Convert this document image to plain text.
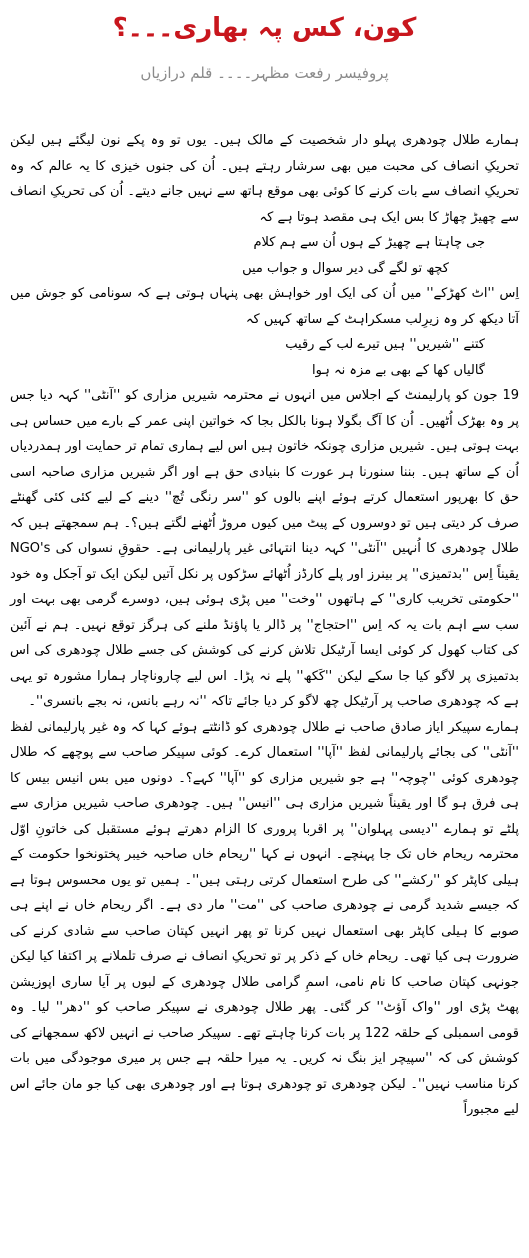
کون، کس پہ بھاری۔۔۔؟
پروفیسر رفعت مظہر۔۔۔۔ قلم درازیاں

ہمارے طلال چودھری پہلو دار شخصیت کے مالک ہیں۔ یوں تو وہ پکے نون لیگئے ہیں لیکن تحریکِ انصاف کی محبت میں بھی سرشار رہتے ہیں۔ اُن کی جنوں خیزی کا یہ عالم کہ وہ تحریکِ انصاف سے بات کرنے کا کوئی بھی موقع ہاتھ سے نہیں جانے دیتے۔ اُن کی تحریکِ انصاف سے چھیڑ چھاڑ کا بس ایک ہی مقصد ہوتا ہے کہ

جی چاہتا ہے چھیڑ کے ہوں اُن سے ہم کلام

کچھ تو لگے گی دیر سوال و جواب میں

اِس ''اٹ کھڑکے'' میں اُن کی ایک اور خواہش بھی پنہاں ہوتی ہے کہ سونامی کو جوش میں آتا دیکھ کر وہ زیرِلب مسکراہٹ کے ساتھ کہیں کہ

کتنے ''شیریں'' ہیں تیرے لب کے رقیب

گالیاں کھا کے بھی بے مزہ نہ ہوا

19 جون کو پارلیمنٹ کے اجلاس میں انہوں نے محترمہ شیریں مزاری کو ''آنٹی'' کہہ دیا جس پر وہ بھڑک اُٹھیں۔ اُن کا آگ بگولا ہونا بالکل بجا کہ خواتین اپنی عمر کے بارے میں حساس ہی بہت ہوتی ہیں۔ شیریں مزاری چونکہ خاتون ہیں اس لیے ہماری تمام تر حمایت اور ہمدردیاں اُن کے ساتھ ہیں۔ بننا سنورنا ہر عورت کا بنیادی حق ہے اور اگر شیریں مزاری صاحبہ اسی حق کا بھرپور استعمال کرتے ہوئے اپنے بالوں کو ''سر رنگی تُچ'' دینے کے لیے کئی کئی گھنٹے صرف کر دیتی ہیں تو دوسروں کے پیٹ میں کیوں مروڑ اُٹھنے لگتے ہیں؟۔ ہم سمجھتے ہیں کہ طلال چودھری کا اُنہیں ''آنٹی'' کہہ دینا انتہائی غیر پارلیمانی ہے۔ حقوقِ نسواں کی NGO's یقیناً اِس ''بدتمیزی'' پر بینرز اور پلے کارڈز اُٹھائے سڑکوں پر نکل آتیں لیکن ایک تو آجکل وہ خود ''حکومتی تخریب کاری'' کے ہاتھوں ''وخت'' میں پڑی ہوئی ہیں، دوسرے گرمی بھی بہت اور سب سے اہم بات یہ کہ اِس ''احتجاج'' پر ڈالر یا پاؤنڈ ملنے کی ہرگز توقع نہیں۔ ہم نے آئین کی کتاب کھول کر کوئی ایسا آرٹیکل تلاش کرنے کی کوشش کی جسے طلال چودھری کی اس بدتمیزی پر لاگو کیا جا سکے لیکن ''کَکھ'' پلے نہ پڑا۔ اس لیے چاروناچار ہمارا مشورہ تو یہی ہے کہ چودھری صاحب پر آرٹیکل چھ لاگو کر دیا جائے تاکہ ''نہ رہے بانس، نہ بجے بانسری''۔

ہمارے سپیکر ایاز صادق صاحب نے طلال چودھری کو ڈانٹتے ہوئے کہا کہ وہ غیر پارلیمانی لفظ ''آنٹی'' کی بجائے پارلیمانی لفظ ''آپا'' استعمال کرے۔ کوئی سپیکر صاحب سے پوچھے کہ طلال چودھری کوئی ''چوچہ'' ہے جو شیریں مزاری کو ''آپا'' کہے؟۔ دونوں میں بس انیس بیس کا ہی فرق ہو گا اور یقیناً شیریں مزاری ہی ''انیس'' ہیں۔ چودھری صاحب شیریں مزاری سے پلٹے تو ہمارے ''دیسی پہلوان'' پر اقربا پروری کا الزام دھرتے ہوئے مستقبل کی خاتونِ اوّل محترمہ ریحام خاں تک جا پہنچے۔ انہوں نے کہا ''ریحام خاں صاحبہ خیبر پختونخوا حکومت کے ہیلی کاپٹر کو ''رکشے'' کی طرح استعمال کرتی رہتی ہیں''۔ ہمیں تو یوں محسوس ہوتا ہے کہ جیسے شدید گرمی نے چودھری صاحب کی ''مت'' مار دی ہے۔ اگر ریحام خاں نے اپنے ہی صوبے کا ہیلی کاپٹر بھی استعمال نہیں کرنا تو پھر انہیں کپتان صاحب سے شادی کرنے کی ضرورت ہی کیا تھی۔ ریحام خاں کے ذکر پر تو تحریکِ انصاف نے صرف تلملانے پر اکتفا کیا لیکن جونہی کپتان صاحب کا نام نامی، اسمِ گرامی طلال چودھری کے لبوں پر آیا ساری اپوزیشن پھٹ پڑی اور ''واک آؤٹ'' کر گئی۔ پھر طلال چودھری نے سپیکر صاحب کو ''دھر'' لیا۔ وہ قومی اسمبلی کے حلقہ 122 پر بات کرنا چاہتے تھے۔ سپیکر صاحب نے انہیں لاکھ سمجھانے کی کوشش کی کہ ''سپیچر ایز بنگ نہ کریں۔ یہ میرا حلقہ ہے جس پر میری موجودگی میں بات کرنا مناسب نہیں''۔ لیکن چودھری تو چودھری ہوتا ہے اور چودھری بھی کیا جو مان جائے اس لیے مجبوراً
